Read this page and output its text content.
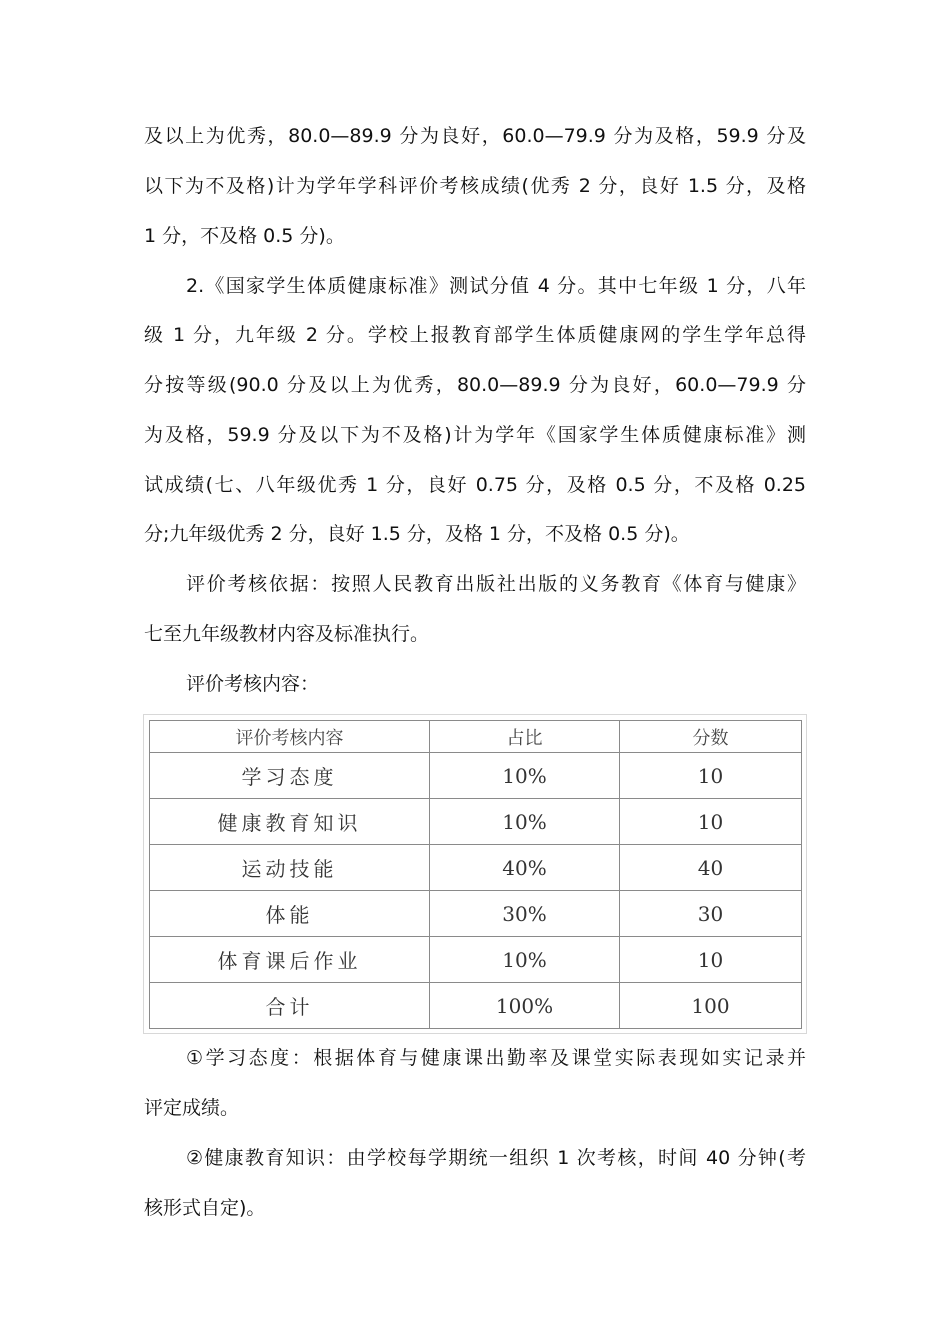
及以上为优秀，80.0—89.9 分为良好，60.0—79.9 分为及格，59.9 分及
以下为不及格)计为学年学科评价考核成绩(优秀 2 分，良好 1.5 分，及格
1 分，不及格 0.5 分)。
2.《国家学生体质健康标准》测试分值 4 分。其中七年级 1 分，八年
级 1 分，九年级 2 分。学校上报教育部学生体质健康网的学生学年总得
分按等级(90.0 分及以上为优秀，80.0—89.9 分为良好，60.0—79.9 分
为及格，59.9 分及以下为不及格)计为学年《国家学生体质健康标准》测
试成绩(七、八年级优秀 1 分，良好 0.75 分，及格 0.5 分，不及格 0.25
分;九年级优秀 2 分，良好 1.5 分，及格 1 分，不及格 0.5 分)。
评价考核依据：按照人民教育出版社出版的义务教育《体育与健康》
七至九年级教材内容及标准执行。
评价考核内容：
评价考核内容	占比	分数
学习态度	10%	10
健康教育知识	10%	10
运动技能	40%	40
体能	30%	30
体育课后作业	10%	10
合计	100%	100
①学习态度：根据体育与健康课出勤率及课堂实际表现如实记录并
评定成绩。
②健康教育知识：由学校每学期统一组织 1 次考核，时间 40 分钟(考
核形式自定)。
